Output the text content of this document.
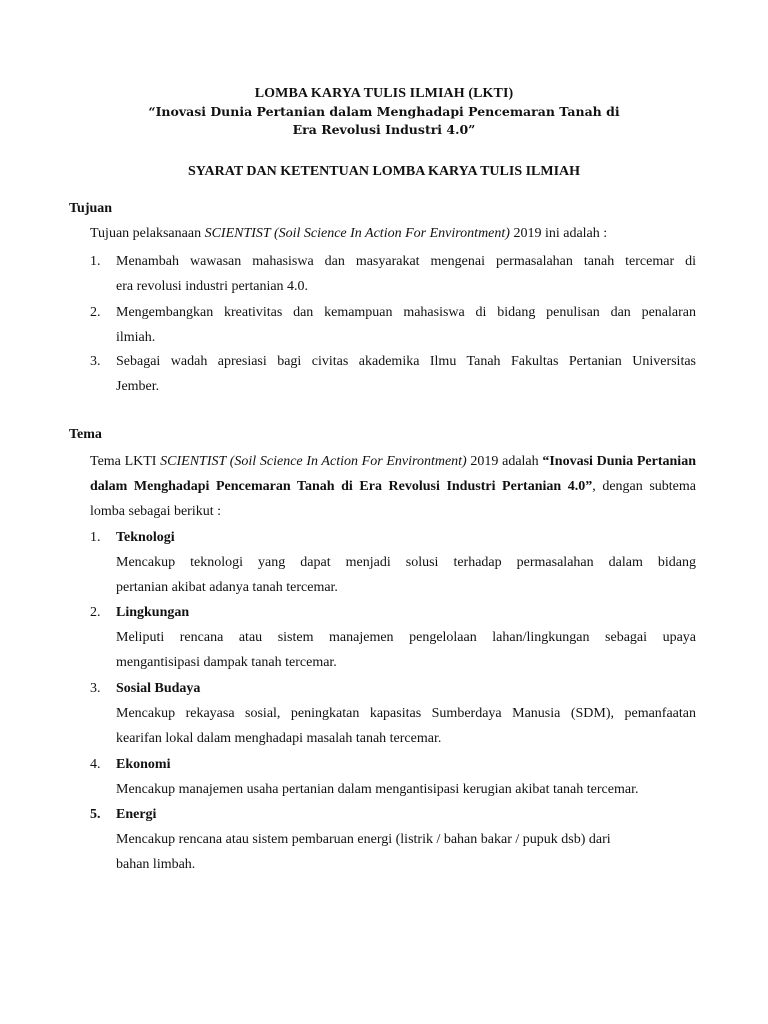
LOMBA KARYA TULIS ILMIAH (LKTI)
“Inovasi Dunia Pertanian dalam Menghadapi Pencemaran Tanah di
Era Revolusi Industri 4.0”
SYARAT DAN KETENTUAN LOMBA KARYA TULIS ILMIAH
Tujuan
Tujuan pelaksanaan SCIENTIST (Soil Science In Action For Environtment) 2019 ini adalah :
1.	Menambah wawasan mahasiswa dan masyarakat mengenai permasalahan tanah tercemar di
era revolusi industri pertanian 4.0.
2.	Mengembangkan kreativitas dan kemampuan mahasiswa di bidang penulisan dan penalaran
ilmiah.
3.	Sebagai wadah apresiasi bagi civitas akademika Ilmu Tanah Fakultas Pertanian Universitas
Jember.
Tema
Tema LKTI SCIENTIST (Soil Science In Action For Environtment) 2019 adalah “Inovasi Dunia Pertanian dalam Menghadapi Pencemaran Tanah di Era Revolusi Industri Pertanian 4.0”, dengan subtema lomba sebagai berikut :
1.	Teknologi
Mencakup teknologi yang dapat menjadi solusi terhadap permasalahan dalam bidang
pertanian akibat adanya tanah tercemar.
2.	Lingkungan
Meliputi rencana atau sistem manajemen pengelolaan lahan/lingkungan sebagai upaya
mengantisipasi dampak tanah tercemar.
3.	Sosial Budaya
Mencakup rekayasa sosial, peningkatan kapasitas Sumberdaya Manusia (SDM), pemanfaatan
kearifan lokal dalam menghadapi masalah tanah tercemar.
4.	Ekonomi
Mencakup manajemen usaha pertanian dalam mengantisipasi kerugian akibat tanah tercemar.
5.	Energi
Mencakup rencana atau sistem pembaruan energi (listrik / bahan bakar / pupuk dsb) dari
bahan limbah.
